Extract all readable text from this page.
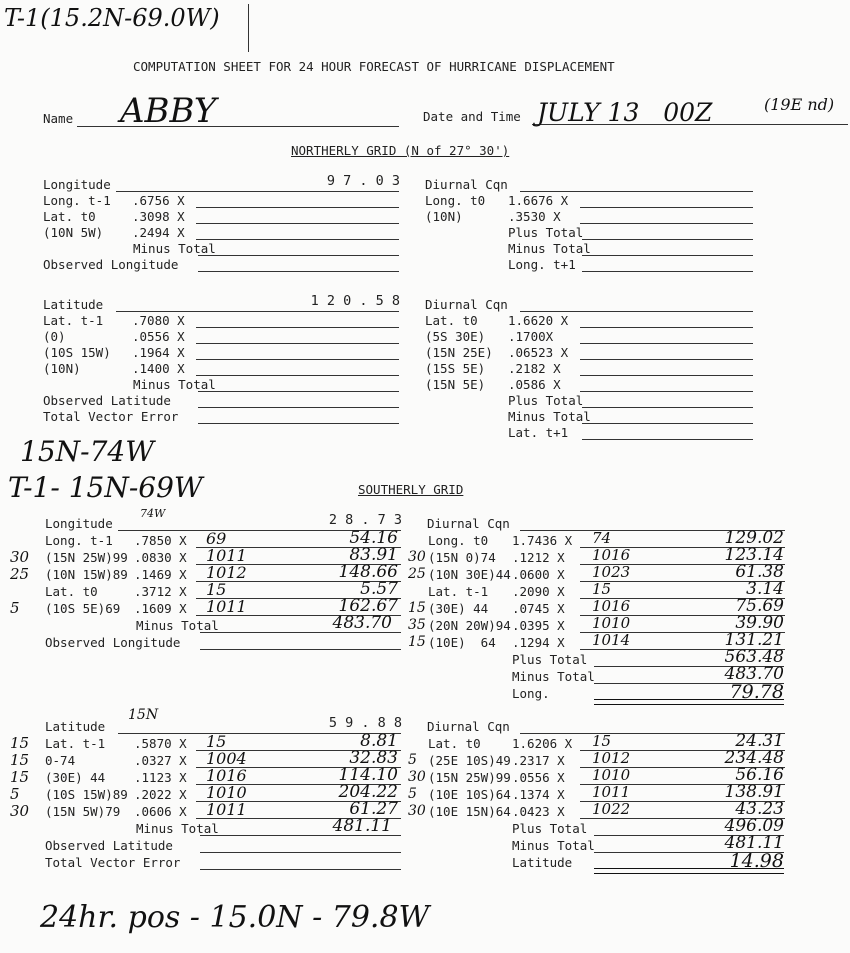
T-1(15.2N-69.0W)
COMPUTATION SHEET FOR 24 HOUR FORECAST OF HURRICANE DISPLACEMENT
Name ABBY	Date and Time JULY 13   00Z	(19E nd)
NORTHERLY GRID (N of 27° 30')
Longitude	9 7 . 0 3
Long. t-1 .6756 X
Lat. t0	.3098 X
(10N 5W) .2494 X
Minus Total
Observed Longitude
Diurnal Cqn
Long. t0 1.6676 X
(10N)	.3530 X
Plus Total
Minus Total
Long. t+1
Latitude	1 2 0 . 5 8
Lat. t-1 .7080 X
(0)	.0556 X
(10S 15W) .1964 X
(10N)	.1400 X
Minus Total
Observed Latitude
Total Vector Error
Diurnal Cqn
Lat. t0 1.6620 X
(5S 30E) .1700X
(15N 25E) .06523 X
(15S 5E) .2182 X
(15N 5E) .0586 X
Plus Total
Minus Total
Lat. t+1
Longitude	2 8 . 7 3
Long. t-1 .7850 X 69	54.16
30 (15N 25W)99 .0830 X 1011	83.91
25 (10N 15W)89 .1469 X 1012	148.66
Lat. t0	.3712 X 15	5.57
5 (10S 5E)69 .1609 X 1011	162.67
Minus Total	483.70
Observed Longitude
Diurnal Cqn
Long. t0 1.7436 X 74	129.02
30 (15N 0)74 .1212 X 1016	123.14
25 (10N 30E)44 .0600 X 1023	61.38
Lat. t-1 .2090 X 15	3.14
15 (30E) 44 .0745 X 1016	75.69
35 (20N 20W)94 .0395 X 1010	39.90
15 (10E)  64 .1294 X 1014	131.21
Plus Total	563.48
Minus Total	483.70
Long.	79.78
Latitude	5 9 . 8 8
15 Lat. t-1 .5870 X 15	8.81
15 0-74	.0327 X 1004	32.83
15 (30E) 44 .1123 X 1016	114.10
5 (10S 15W)89 .2022 X 1010	204.22
30 (15N 5W)79 .0606 X 1011	61.27
Minus Total	481.11
Observed Latitude
Total Vector Error
Diurnal Cqn
Lat. t0	1.6206 X 15	24.31
5 (25E 10S)49 .2317 X 1012	234.48
30 (15N 25W)99 .0556 X 1010	56.16
5 (10E 10S)64 .1374 X 1011	138.91
30 (10E 15N)64 .0423 X 1022	43.23
Plus Total	496.09
Minus Total	481.11
Latitude	14.98
15N-74W
T-1- 15N-69W	SOUTHERLY GRID
74W
15N
24hr. pos - 15.0N - 79.8W
